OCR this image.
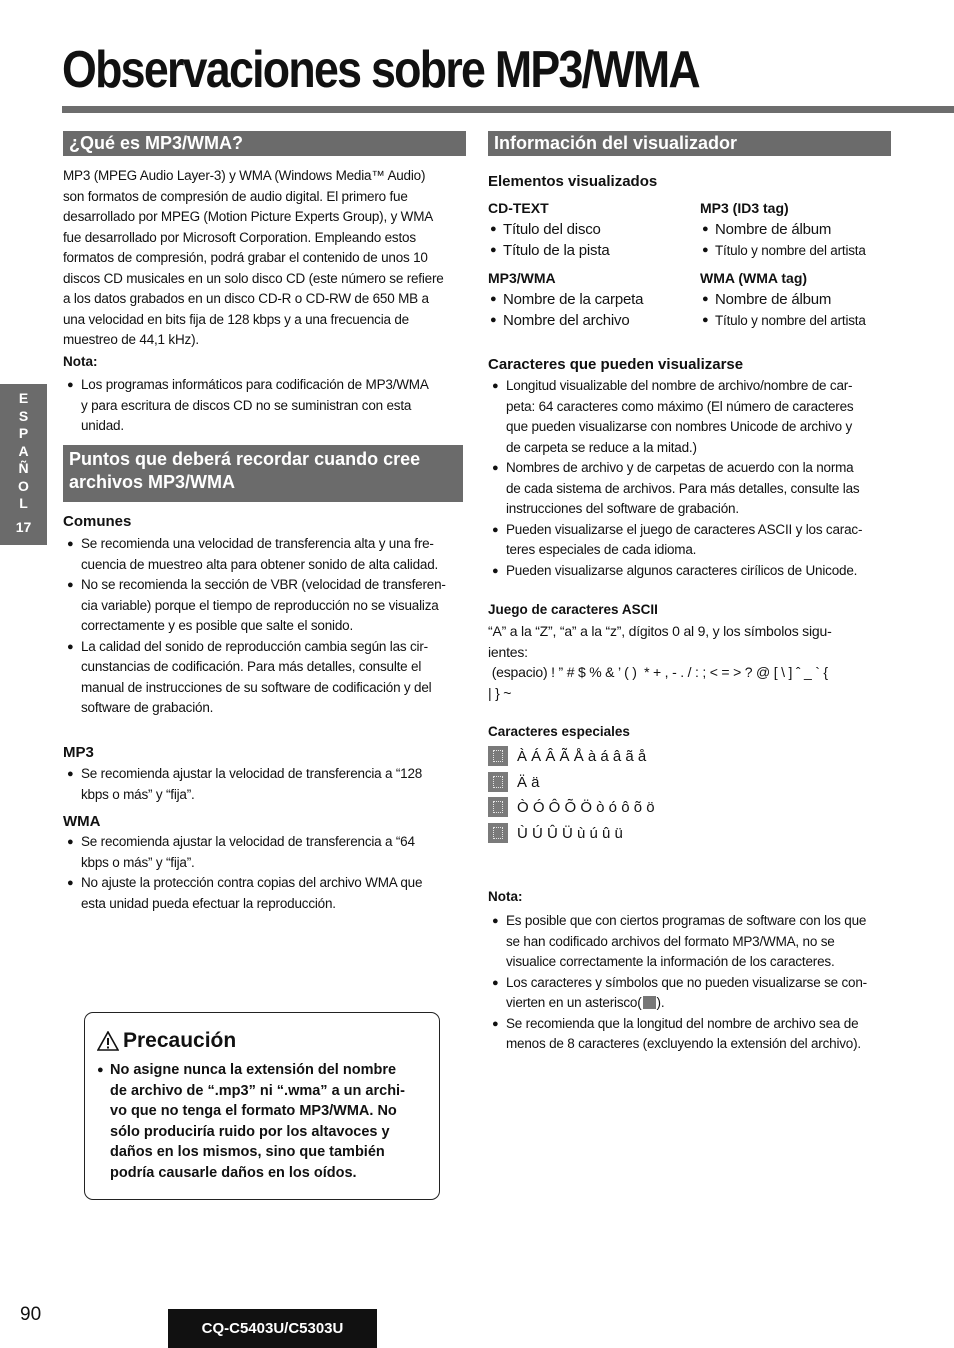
Observaciones sobre MP3/WMA
¿Qué es MP3/WMA?

MP3 (MPEG Audio Layer-3) y WMA (Windows Media™ Audio)
son formatos de compresión de audio digital. El primero fue
desarrollado por MPEG (Motion Picture Experts Group), y WMA
fue desarrollado por Microsoft Corporation. Empleando estos
formatos de compresión, podrá grabar el contenido de unos 10
discos CD musicales en un solo disco CD (este número se refiere
a los datos grabados en un disco CD-R o CD-RW de 650 MB a
una velocidad en bits fija de 128 kbps y a una frecuencia de
muestreo de 44,1 kHz).

Nota:
● Los programas informáticos para codificación de MP3/WMA
y para escritura de discos CD no se suministran con esta
unidad.
Puntos que deberá recordar cuando cree
archivos MP3/WMA
Comunes
● Se recomienda una velocidad de transferencia alta y una fre-
cuencia de muestreo alta para obtener sonido de alta calidad.
● No se recomienda la sección de VBR (velocidad de transferen-
cia variable) porque el tiempo de reproducción no se visualiza
correctamente y es posible que salte el sonido.
● La calidad del sonido de reproducción cambia según las cir-
cunstancias de codificación. Para más detalles, consulte el
manual de instrucciones de su software de codificación y del
software de grabación.
MP3
● Se recomienda ajustar la velocidad de transferencia a “128
kbps o más” y “fija”.
WMA
● Se recomienda ajustar la velocidad de transferencia a “64
kbps o más” y “fija”.
● No ajuste la protección contra copias del archivo WMA que
esta unidad pueda efectuar la reproducción.
Precaución
● No asigne nunca la extensión del nombre
de archivo de “.mp3” ni “.wma” a un archi-
vo que no tenga el formato MP3/WMA. No
sólo produciría ruido por los altavoces y
daños en los mismos, sino que también
podría causarle daños en los oídos.
E
S
P
A
Ñ
O
L
17
Información del visualizador
Elementos visualizados
CD-TEXT
● Título del disco
● Título de la pista
MP3 (ID3 tag)
● Nombre de álbum
● Título y nombre del artista
MP3/WMA
● Nombre de la carpeta
● Nombre del archivo
WMA (WMA tag)
● Nombre de álbum
● Título y nombre del artista
Caracteres que pueden visualizarse
● Longitud visualizable del nombre de archivo/nombre de car-
peta: 64 caracteres como máximo (El número de caracteres
que pueden visualizarse con nombres Unicode de archivo y
de carpeta se reduce a la mitad.)
● Nombres de archivo y de carpetas de acuerdo con la norma
de cada sistema de archivos. Para más detalles, consulte las
instrucciones del software de grabación.
● Pueden visualizarse el juego de caracteres ASCII y los carac-
teres especiales de cada idioma.
● Pueden visualizarse algunos caracteres cirílicos de Unicode.
Juego de caracteres ASCII

“A” a la “Z”, “a” a la “z”, dígitos 0 al 9, y los símbolos sigu-
ientes:
(espacio) ! ” # $ % & ’ ( )  * + , - . / : ; < = > ? @ [ \ ] ˆ _ ` {
| } ~

Caracteres especiales
À Á Â Ã Å à á â ã å
Ä ä
Ò Ó Ô Õ Ö ò ó ô õ ö
Ù Ú Û Ü ù ú û ü
Nota:
● Es posible que con ciertos programas de software con los que
se han codificado archivos del formato MP3/WMA, no se
visualice correctamente la información de los caracteres.
● Los caracteres y símbolos que no pueden visualizarse se con-
vierten en un asterisco( ).
● Se recomienda que la longitud del nombre de archivo sea de
menos de 8 caracteres (excluyendo la extensión del archivo).
90
CQ-C5403U/C5303U
